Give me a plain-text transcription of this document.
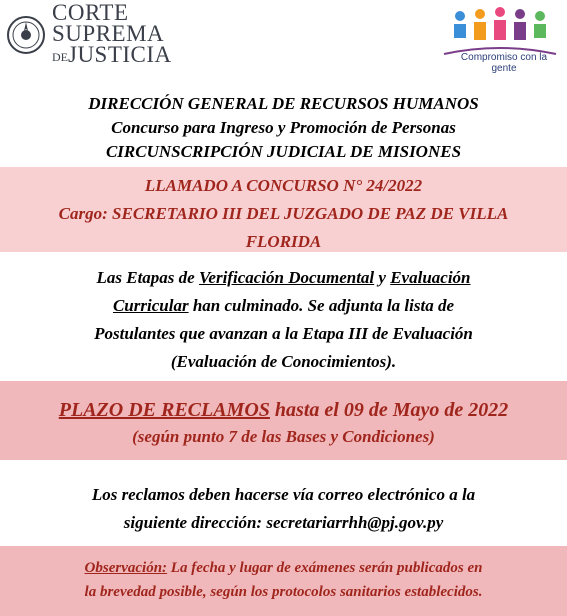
CORTE
SUPREMA
DEJUSTICIA	Compromiso con la gente
DIRECCIÓN GENERAL DE RECURSOS HUMANOS
Concurso para Ingreso y Promoción de Personas
CIRCUNSCRIPCIÓN JUDICIAL DE MISIONES
LLAMADO A CONCURSO N° 24/2022
Cargo: SECRETARIO III DEL JUZGADO DE PAZ DE VILLA
FLORIDA
Las Etapas de Verificación Documental y Evaluación
Curricular han culminado. Se adjunta la lista de
Postulantes que avanzan a la Etapa III de Evaluación
(Evaluación de Conocimientos).
PLAZO DE RECLAMOS hasta el 09 de Mayo de 2022
(según punto 7 de las Bases y Condiciones)
Los reclamos deben hacerse vía correo electrónico a la
siguiente dirección: secretariarrhh@pj.gov.py
Observación: La fecha y lugar de exámenes serán publicados en
la brevedad posible, según los protocolos sanitarios establecidos.
